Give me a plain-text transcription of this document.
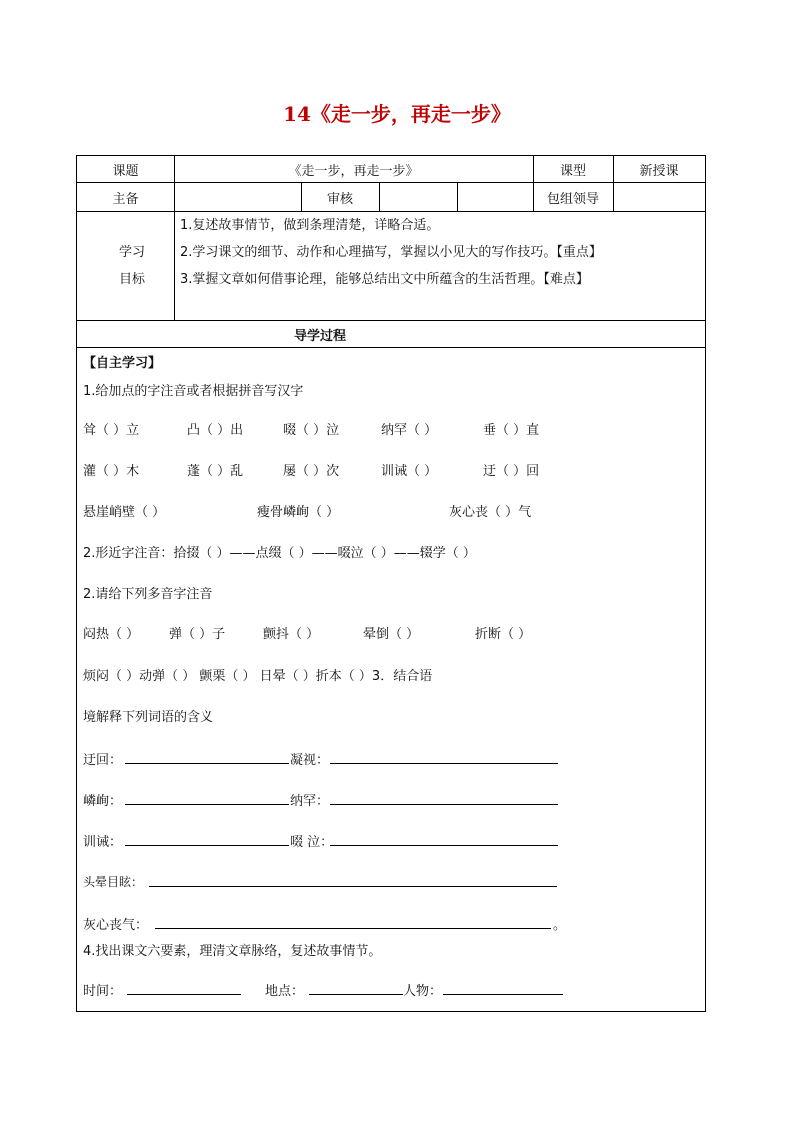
14《走一步，再走一步》
课题	《走一步，再走一步》	课型	新授课
主备	审核	包组领导
学习
目标
1.复述故事情节，做到条理清楚，详略合适。
2.学习课文的细节、动作和心理描写，掌握以小见大的写作技巧。【重点】
3.掌握文章如何借事论理，能够总结出文中所蕴含的生活哲理。【难点】
导学过程
【自主学习】
1.给加点的字注音或者根据拼音写汉字
耸（ ）立	凸（ ）出	啜（ ）泣	纳罕（ ）	垂（ ）直
灌（ ）木	蓬（ ）乱	屡（ ）次	训诫（ ）	迂（ ）回
悬崖峭壁（ ）	瘦骨嶙峋（ ）	灰心丧（ ）气
2.形近字注音：拾掇（ ）——点缀（ ）——啜泣（ ）——辍学（ ）
2.请给下列多音字注音
闷热（ ） 弹（ ）子	颤抖（ ）	晕倒（ ）	折断（ ）
烦闷（ ）动弹（ ） 颤栗（ ） 日晕（ ）折本（ ）3．结合语
境解释下列词语的含义
迂回：	凝视：
嶙峋：	纳罕：
训诫：	啜 泣：
头晕目眩：
灰心丧气：	。
4.找出课文六要素，理清文章脉络，复述故事情节。
时间：	地点：	人物：
